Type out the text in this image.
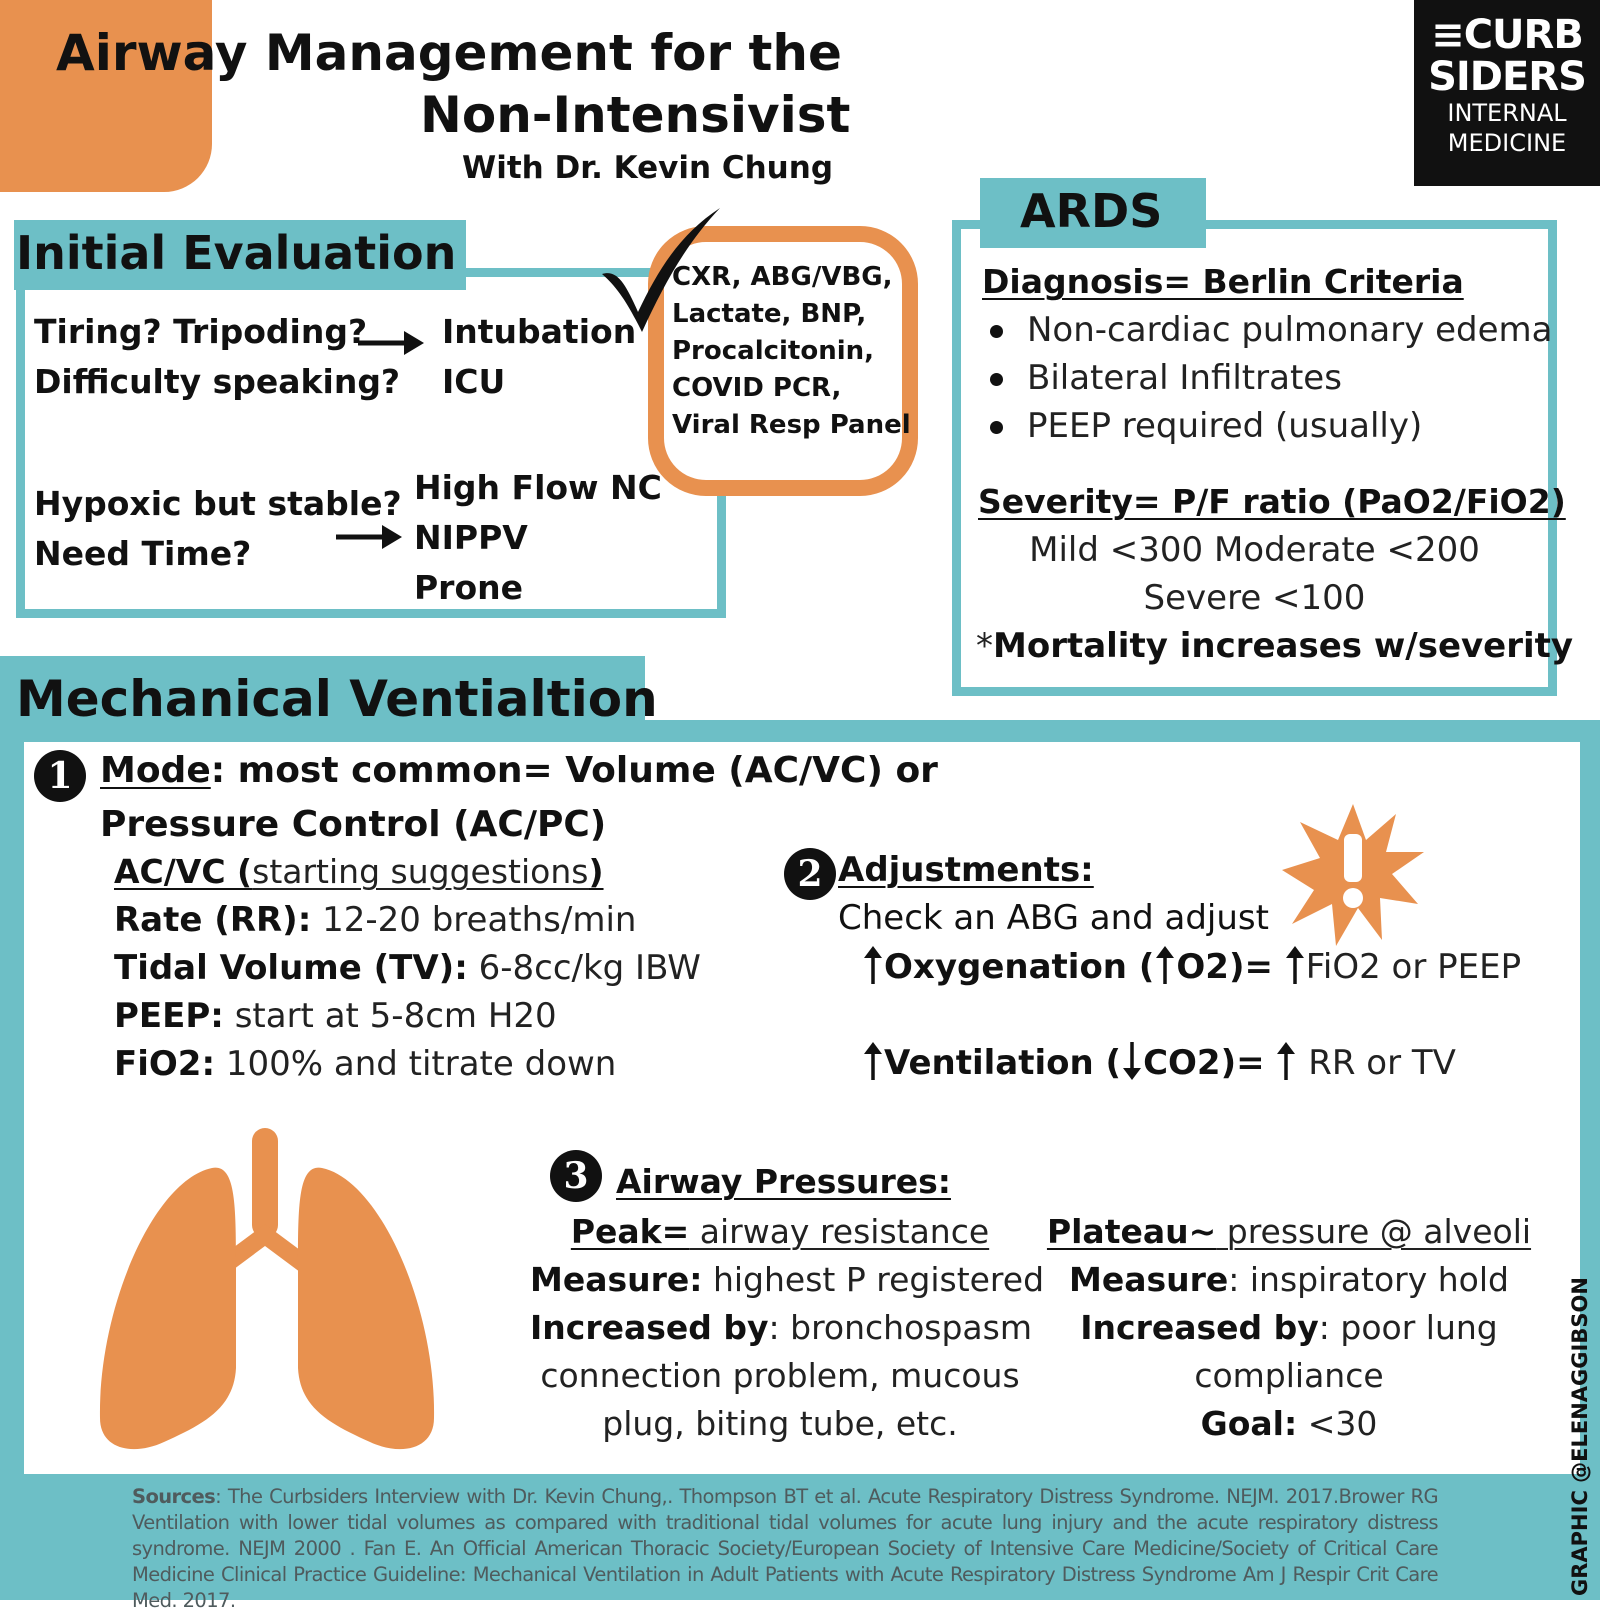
Airway Management for the
Non-Intensivist
With Dr. Kevin Chung
≡CURB
SIDERS
INTERNAL
MEDICINE
Initial Evaluation
Tiring? Tripoding?
Difficulty speaking?
Intubation
ICU
Hypoxic but stable?
Need Time?
High Flow NC
NIPPV
Prone
CXR, ABG/VBG,
Lactate, BNP,
Procalcitonin,
COVID PCR,
Viral Resp Panel
ARDS
Diagnosis= Berlin Criteria
Non-cardiac pulmonary edema
Bilateral Infiltrates
PEEP required (usually)
Severity= P/F ratio (PaO2/FiO2)
Mild <300 Moderate <200
Severe <100
*Mortality increases w/severity
Mechanical Ventialtion
1 Mode: most common= Volume (AC/VC) or
Pressure Control (AC/PC)
AC/VC (starting suggestions)
Rate (RR): 12-20 breaths/min
Tidal Volume (TV): 6-8cc/kg IBW
PEEP: start at 5-8cm H20
FiO2: 100% and titrate down
2 Adjustments:
Check an ABG and adjust
Oxygenation ( O2)= FiO2 or PEEP
Ventilation ( CO2)=  RR or TV
3 Airway Pressures:
Peak= airway resistance
Measure: highest P registered
Increased by: bronchospasm
connection problem, mucous
plug, biting tube, etc.
Plateau~ pressure @ alveoli
Measure: inspiratory hold
Increased by: poor lung
compliance
Goal: <30
Sources: The Curbsiders Interview with Dr. Kevin Chung,. Thompson BT et al. Acute Respiratory Distress Syndrome. NEJM. 2017.Brower RG Ventilation with lower tidal volumes as compared with traditional tidal volumes for acute lung injury and the acute respiratory distress syndrome. NEJM 2000 . Fan E. An Official American Thoracic Society/European Society of Intensive Care Medicine/Society of Critical Care Medicine Clinical Practice Guideline: Mechanical Ventilation in Adult Patients with Acute Respiratory Distress Syndrome Am J Respir Crit Care Med. 2017.
GRAPHIC @ELENAGGIBSON
